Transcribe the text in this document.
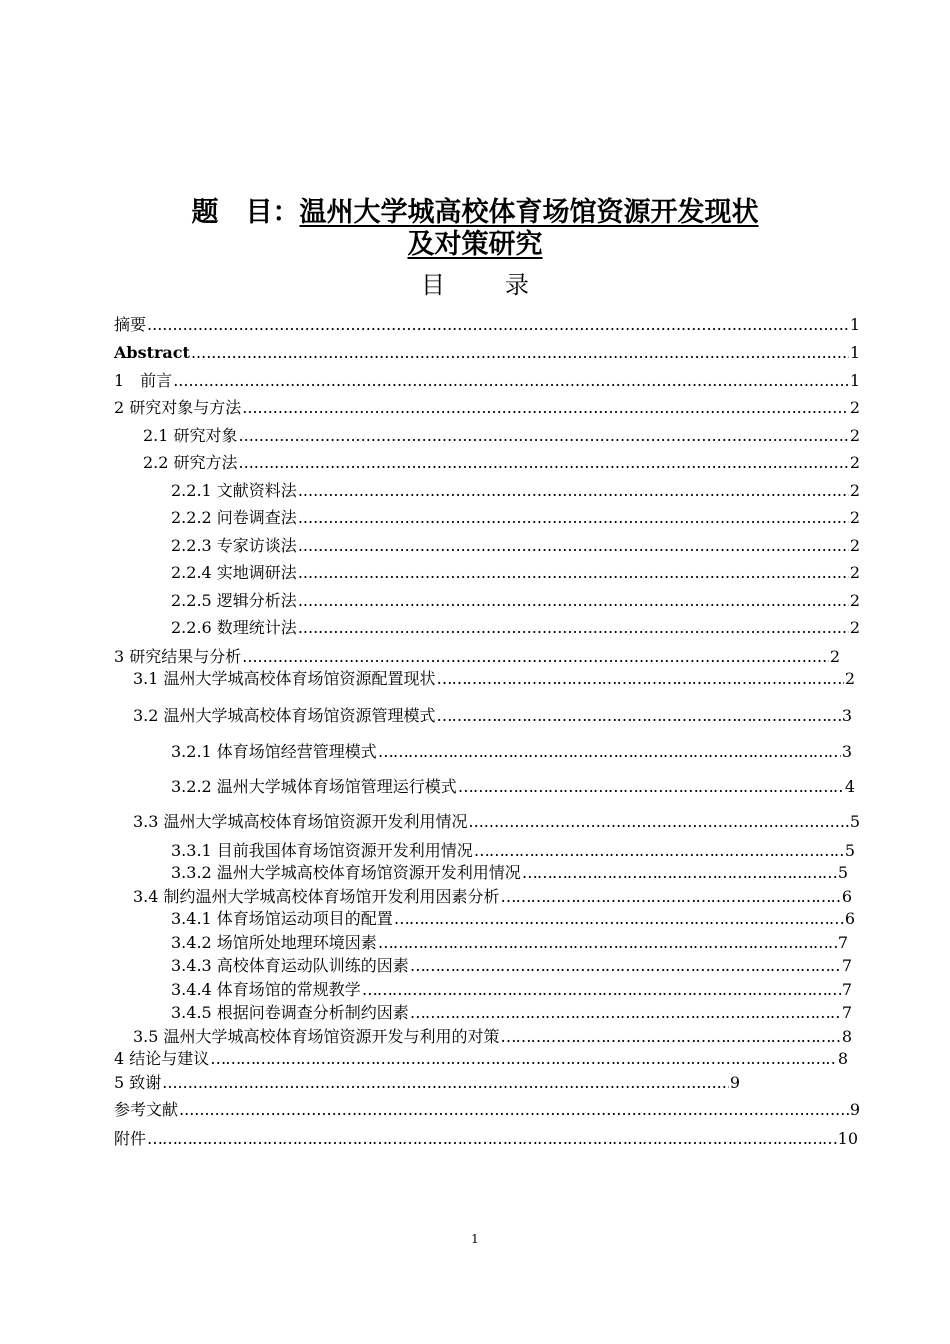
题　目：温州大学城高校体育场馆资源开发现状
及对策研究
目录
摘要 .....	1
Abstract .....	1
1　前言 .....	1
2 研究对象与方法 .....	2
2.1 研究对象 .....	2
2.2 研究方法 .....	2
2.2.1 文献资料法 .....	2
2.2.2 问卷调查法 .....	2
2.2.3 专家访谈法 .....	2
2.2.4 实地调研法 .....	2
2.2.5 逻辑分析法 .....	2
2.2.6 数理统计法 .....	2
3 研究结果与分析 .....	2
3.1 温州大学城高校体育场馆资源配置现状 ………………………………………………………………………………………………………………………………………………………………………………………………………………	2
3.2 温州大学城高校体育场馆资源管理模式 ………………………………………………………………………………………………………………………………………………………………………………………………………………	3
3.2.1 体育场馆经营管理模式 ………………………………………………………………………………………………………………………………………………………………………………………………………………	3
3.2.2 温州大学城体育场馆管理运行模式 ………………………………………………………………………………………………………………………………………………………………………………………………………………	4
3.3 温州大学城高校体育场馆资源开发利用情况 .....	5
3.3.1 目前我国体育场馆资源开发利用情况 ………………………………………………………………………………………………………………………………………………………………………………………………………………	5
3.3.2 温州大学城高校体育场馆资源开发利用情况 ………………………………………………………………………………………………………………………………………………………………………………………………………………	5
3.4 制约温州大学城高校体育场馆开发利用因素分析 ………………………………………………………………………………………………………………………………………………………………………………………………………………	6
3.4.1 体育场馆运动项目的配置 ………………………………………………………………………………………………………………………………………………………………………………………………………………	6
3.4.2 场馆所处地理环境因素 ………………………………………………………………………………………………………………………………………………………………………………………………………………	7
3.4.3 高校体育运动队训练的因素 ………………………………………………………………………………………………………………………………………………………………………………………………………………	7
3.4.4 体育场馆的常规教学 ………………………………………………………………………………………………………………………………………………………………………………………………………………	7
3.4.5 根据问卷调查分析制约因素 ………………………………………………………………………………………………………………………………………………………………………………………………………………	7
3.5 温州大学城高校体育场馆资源开发与利用的对策 ………………………………………………………………………………………………………………………………………………………………………………………………………………	8
4 结论与建议 ………………………………………………………………………………………………………………………………………………………………………………………………………………	8
5 致谢 .....	9
参考文献 .....	9
附件 ………………………………………………………………………………………………………………………………………………………………………………………………………………	10
1
